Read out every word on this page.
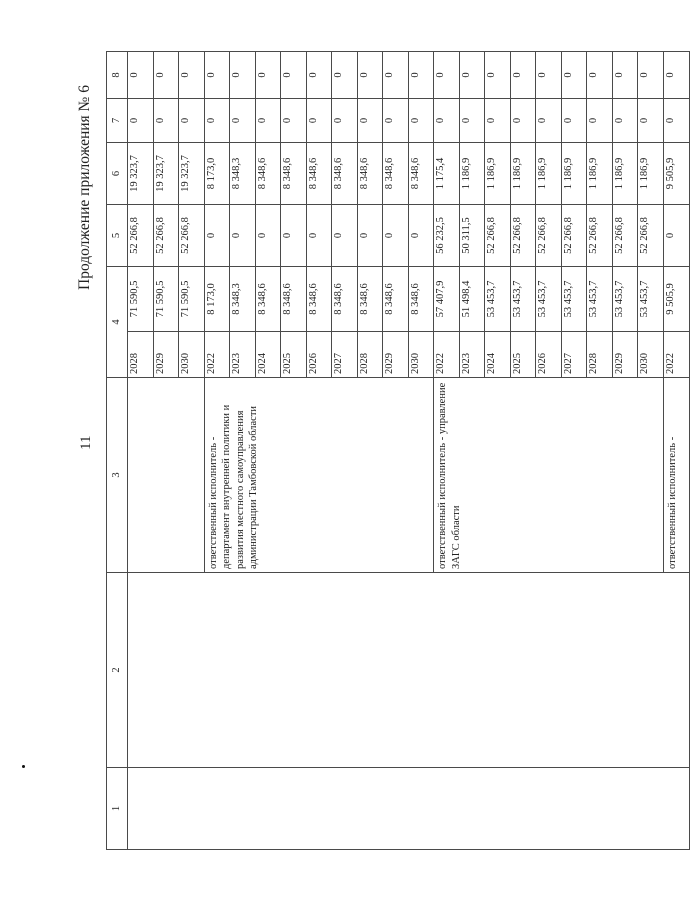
11
Продолжение приложения № 6
1	2	3	4		5	6	7	8
			2028	71 590,5	52 266,8	19 323,7	0	0
			2029	71 590,5	52 266,8	19 323,7	0	0
			2030	71 590,5	52 266,8	19 323,7	0	0
		ответственный исполнитель - департамент внутренней политики и развития местного самоуправления администрации Тамбовской области	2022	8 173,0	0	8 173,0	0	0
			2023	8 348,3	0	8 348,3	0	0
			2024	8 348,6	0	8 348,6	0	0
			2025	8 348,6	0	8 348,6	0	0
			2026	8 348,6	0	8 348,6	0	0
			2027	8 348,6	0	8 348,6	0	0
			2028	8 348,6	0	8 348,6	0	0
			2029	8 348,6	0	8 348,6	0	0
			2030	8 348,6	0	8 348,6	0	0
		ответственный исполнитель - управление ЗАГС области	2022	57 407,9	56 232,5	1 175,4	0	0
			2023	51 498,4	50 311,5	1 186,9	0	0
			2024	53 453,7	52 266,8	1 186,9	0	0
			2025	53 453,7	52 266,8	1 186,9	0	0
			2026	53 453,7	52 266,8	1 186,9	0	0
			2027	53 453,7	52 266,8	1 186,9	0	0
			2028	53 453,7	52 266,8	1 186,9	0	0
			2029	53 453,7	52 266,8	1 186,9	0	0
			2030	53 453,7	52 266,8	1 186,9	0	0
		ответственный исполнитель -	2022	9 505,9	0	9 505,9	0	0
